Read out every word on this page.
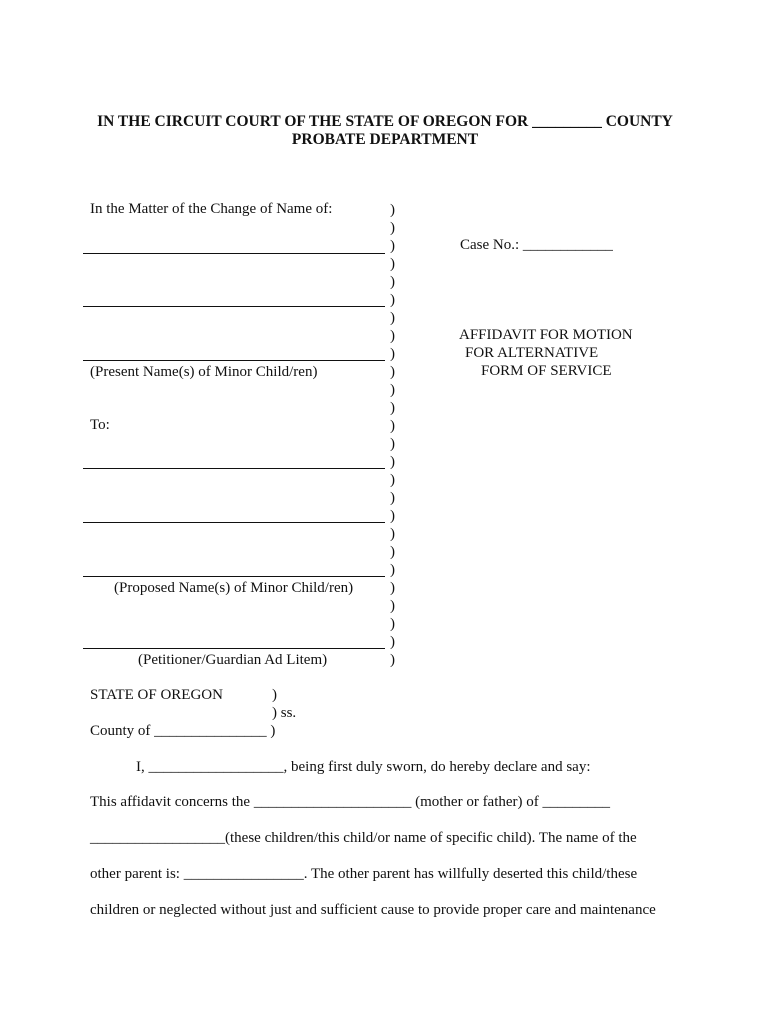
IN THE CIRCUIT COURT OF THE STATE OF OREGON FOR _________ COUNTY
PROBATE DEPARTMENT
In the Matter of the Change of Name of:
(Present Name(s) of Minor Child/ren)
To:
(Proposed Name(s) of Minor Child/ren)
(Petitioner/Guardian Ad Litem)
)
)
)
)
)
)
)
)
)
)
)
)
)
)
)
)
)
)
)
)
)
)
)
)
)
)
Case No.: ____________
AFFIDAVIT FOR MOTION
FOR ALTERNATIVE
FORM OF SERVICE
STATE OF OREGON	)
) ss.
County of _______________ )
I, __________________, being first duly sworn, do hereby declare and say:
This affidavit concerns the _____________________ (mother or father) of _________
__________________(these children/this child/or name of specific child). The name of the
other parent is: ________________. The other parent has willfully deserted this child/these
children or neglected without just and sufficient cause to provide proper care and maintenance
